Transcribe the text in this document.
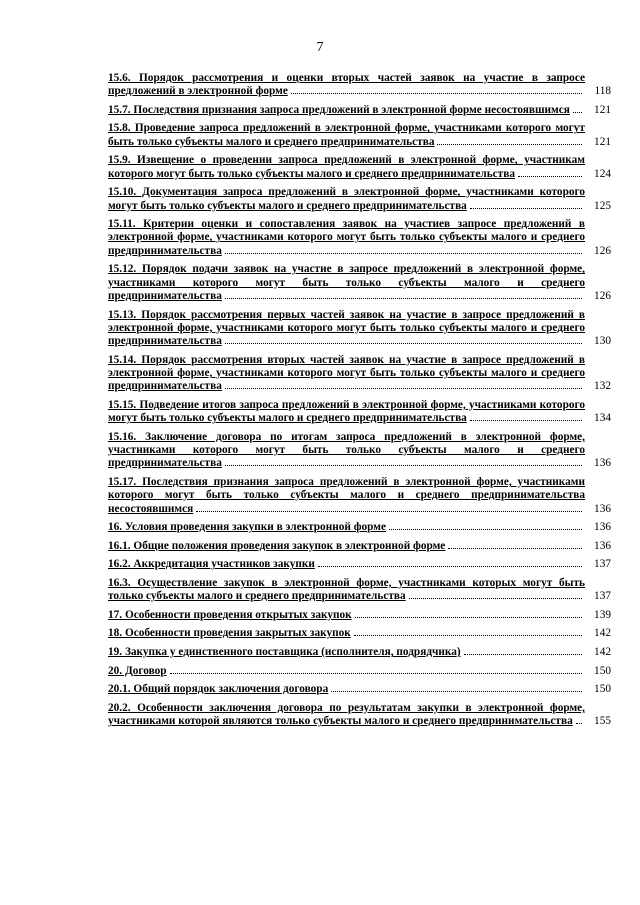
7
15.6. Порядок рассмотрения и оценки вторых частей заявок на участие в запросе предложений в электронной форме	118
15.7. Последствия признания запроса предложений в электронной форме несостоявшимся 121
15.8. Проведение запроса предложений в электронной форме, участниками которого могут быть только субъекты малого и среднего предпринимательства	121
15.9. Извещение о проведении запроса предложений в электронной форме, участникам которого могут быть только субъекты малого и среднего предпринимательства	124
15.10. Документация запроса предложений в электронной форме, участниками которого могут быть только субъекты малого и среднего предпринимательства	125
15.11. Критерии оценки и сопоставления заявок на участиев запросе предложений в электронной форме, участниками которого могут быть только субъекты малого и среднего предпринимательства	126
15.12. Порядок подачи заявок на участие в запросе предложений в электронной форме, участниками которого могут быть только субъекты малого и среднего предпринимательства	126
15.13. Порядок рассмотрения первых частей заявок на участие в запросе предложений в электронной форме, участниками которого могут быть только субъекты малого и среднего предпринимательства	130
15.14. Порядок рассмотрения вторых частей заявок на участие в запросе предложений в электронной форме, участниками которого могут быть только субъекты малого и среднего предпринимательства	132
15.15. Подведение итогов запроса предложений в электронной форме, участниками которого могут быть только субъекты малого и среднего предпринимательства	134
15.16. Заключение договора по итогам запроса предложений в электронной форме, участниками которого могут быть только субъекты малого и среднего предпринимательства	136
15.17. Последствия признания запроса предложений в электронной форме, участниками которого могут быть только субъекты малого и среднего предпринимательства несостоявшимся	136
16. Условия проведения закупки в электронной форме	136
16.1. Общие положения проведения закупок в электронной форме	136
16.2. Аккредитация участников закупки	137
16.3. Осуществление закупок в электронной форме, участниками которых могут быть только субъекты малого и среднего предпринимательства	137
17. Особенности проведения открытых закупок	139
18. Особенности проведения закрытых закупок	142
19. Закупка у единственного поставщика (исполнителя, подрядчика)	142
20. Договор	150
20.1. Общий порядок заключения договора	150
20.2. Особенности заключения договора по результатам закупки в электронной форме, участниками которой являются только субъекты малого и среднего предпринимательства 155
